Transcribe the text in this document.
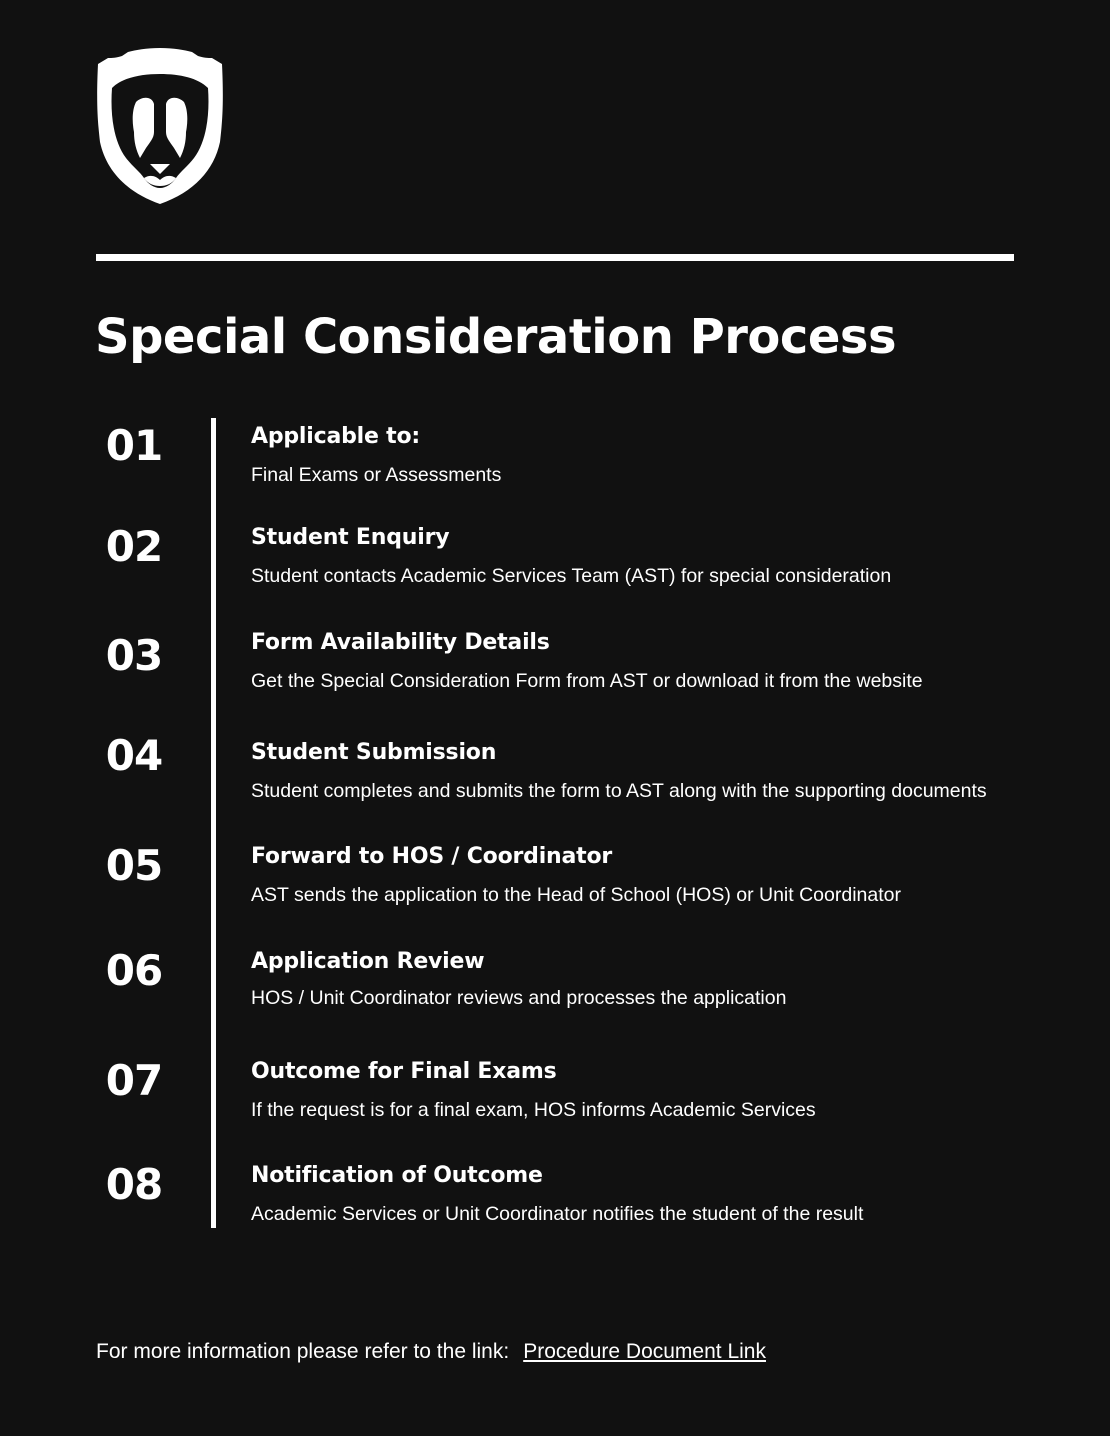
Special Consideration Process
01	Applicable to:
Final Exams or Assessments
02	Student Enquiry
Student contacts Academic Services Team (AST) for special consideration
03	Form Availability Details
Get the Special Consideration Form from AST or download it from the website
04	Student Submission
Student completes and submits the form to AST along with the supporting documents
05	Forward to HOS / Coordinator
AST sends the application to the Head of School (HOS) or Unit Coordinator
06	Application Review
HOS / Unit Coordinator reviews and processes the application
07	Outcome for Final Exams
If the request is for a final exam, HOS informs Academic Services
08	Notification of Outcome
Academic Services or Unit Coordinator notifies the student of the result
For more information please refer to the link: Procedure Document Link
